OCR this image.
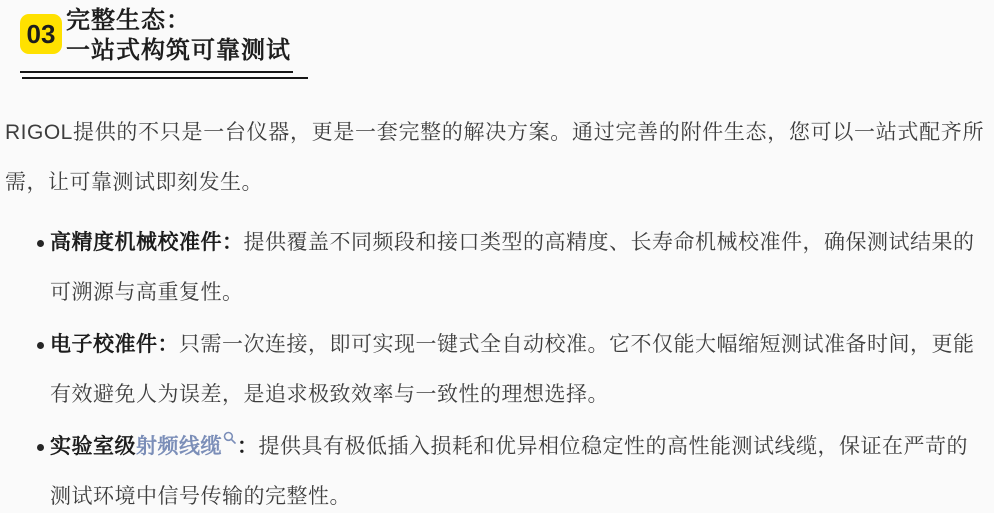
03 完整生态：
一站式构筑可靠测试

RIGOL提供的不只是一台仪器，更是一套完整的解决方案。通过完善的附件生态，您可以一站式配齐所需，让可靠测试即刻发生。

高精度机械校准件：提供覆盖不同频段和接口类型的高精度、长寿命机械校准件，确保测试结果的可溯源与高重复性。
电子校准件：只需一次连接，即可实现一键式全自动校准。它不仅能大幅缩短测试准备时间，更能有效避免人为误差，是追求极致效率与一致性的理想选择。
实验室级射频线缆 ：提供具有极低插入损耗和优异相位稳定性的高性能测试线缆，保证在严苛的测试环境中信号传输的完整性。
